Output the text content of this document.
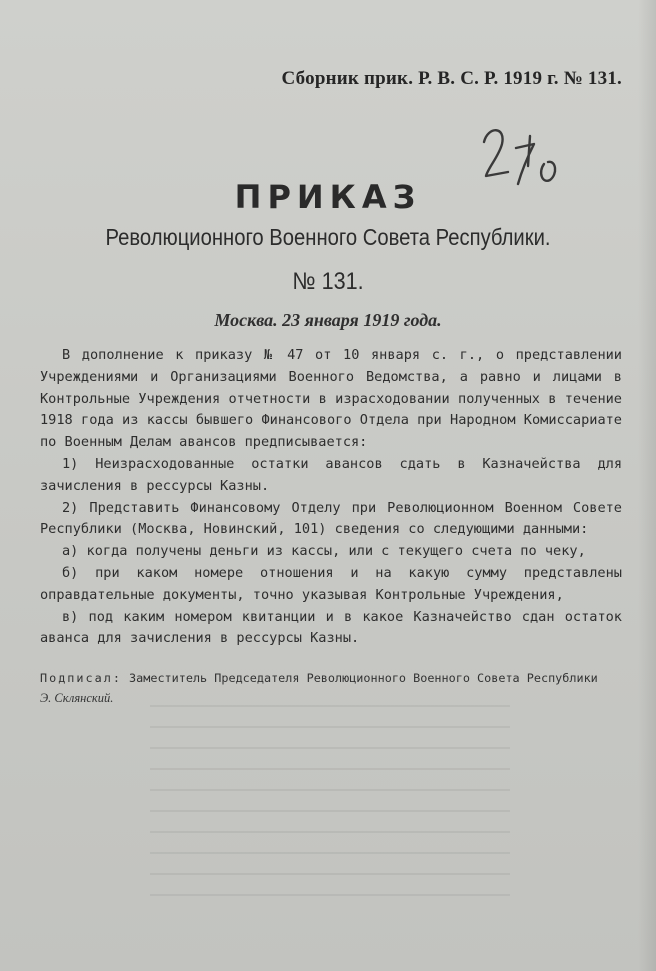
Сборник прик. Р. В. С. Р. 1919 г. № 131.
ПРИКАЗ
Революционного Военного Совета Республики.
№ 131.
Москва. 23 января 1919 года.

В дополнение к приказу № 47 от 10 января с. г., о представлении Учреждениями и Организациями Военного Ведомства, а равно и лицами в Контрольные Учреждения отчетности в израсходовании полученных в течение 1918 года из кассы бывшего Финансового Отдела при Народном Комиссариате по Военным Делам авансов предписывается:

1) Неизрасходованные остатки авансов сдать в Казначейства для зачисления в рессурсы Казны.

2) Представить Финансовому Отделу при Революционном Военном Совете Республики (Москва, Новинский, 101) сведения со следующими данными:

а) когда получены деньги из кассы, или с текущего счета по чеку,

б) при каком номере отношения и на какую сумму представлены оправдательные документы, точно указывая Контрольные Учреждения,

в) под каким номером квитанции и в какое Казначейство сдан остаток аванса для зачисления в рессурсы Казны.

Подписал: Заместитель Председателя Революционного Военного Совета Республики
Э. Склянский.
